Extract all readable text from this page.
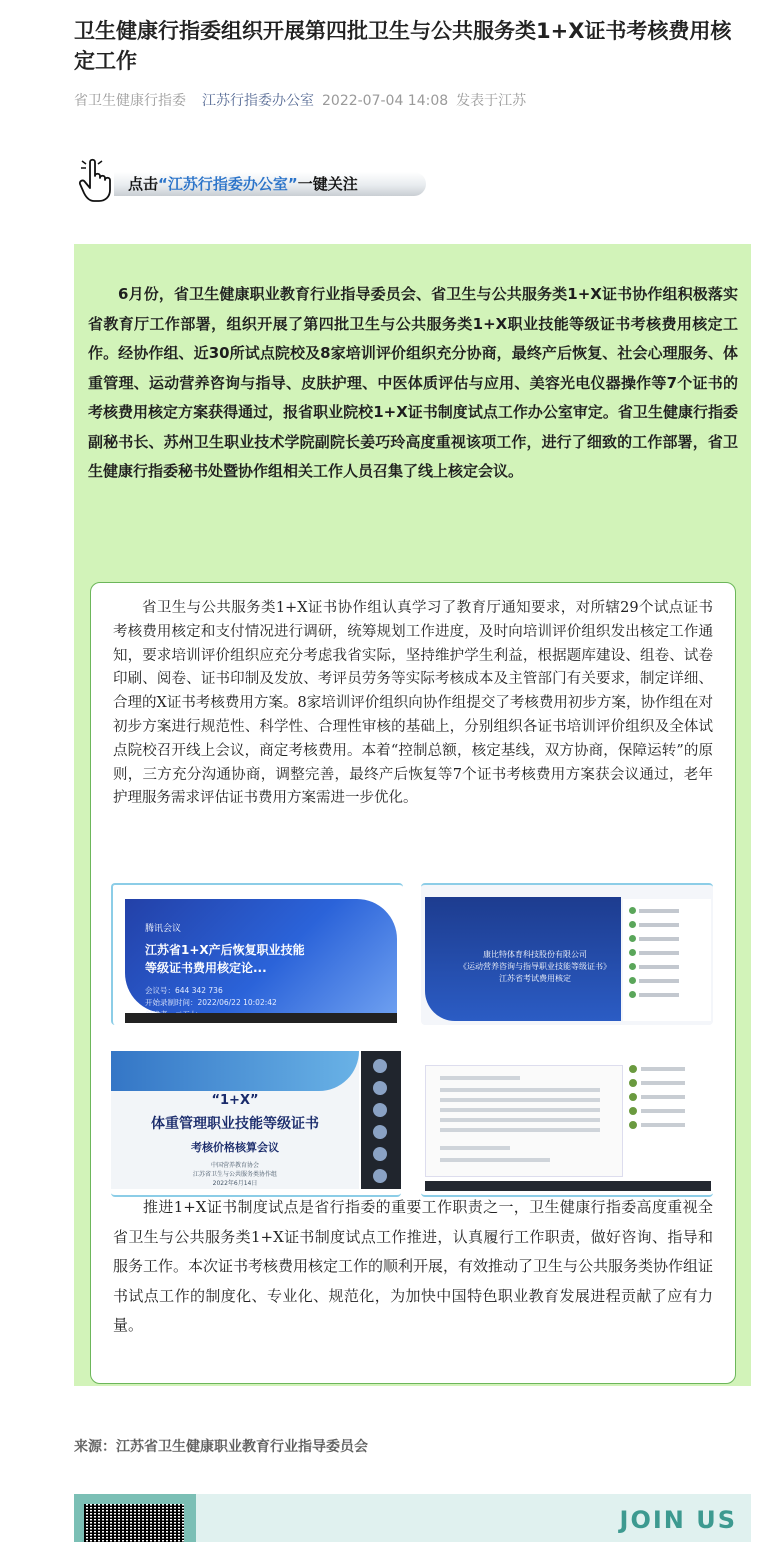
卫生健康行指委组织开展第四批卫生与公共服务类1+X证书考核费用核定工作
省卫生健康行指委 江苏行指委办公室 2022-07-04 14:08 发表于江苏
点击“江苏行指委办公室”一键关注

6月份，省卫生健康职业教育行业指导委员会、省卫生与公共服务类1+X证书协作组积极落实省教育厅工作部署，组织开展了第四批卫生与公共服务类1+X职业技能等级证书考核费用核定工作。经协作组、近30所试点院校及8家培训评价组织充分协商，最终产后恢复、社会心理服务、体重管理、运动营养咨询与指导、皮肤护理、中医体质评估与应用、美容光电仪器操作等7个证书的考核费用核定方案获得通过，报省职业院校1+X证书制度试点工作办公室审定。省卫生健康行指委副秘书长、苏州卫生职业技术学院副院长姜巧玲高度重视该项工作，进行了细致的工作部署，省卫生健康行指委秘书处暨协作组相关工作人员召集了线上核定会议。

省卫生与公共服务类1+X证书协作组认真学习了教育厅通知要求，对所辖29个试点证书考核费用核定和支付情况进行调研，统筹规划工作进度，及时向培训评价组织发出核定工作通知，要求培训评价组织应充分考虑我省实际，坚持维护学生利益，根据题库建设、组卷、试卷印刷、阅卷、证书印制及发放、考评员劳务等实际考核成本及主管部门有关要求，制定详细、合理的X证书考核费用方案。8家培训评价组织向协作组提交了考核费用初步方案，协作组在对初步方案进行规范性、科学性、合理性审核的基础上，分别组织各证书培训评价组织及全体试点院校召开线上会议，商定考核费用。本着“控制总额，核定基线，双方协商，保障运转”的原则，三方充分沟通协商，调整完善，最终产后恢复等7个证书考核费用方案获会议通过，老年护理服务需求评估证书费用方案需进一步优化。

腾讯会议
江苏省1+X产后恢复职业技能等级证书费用核定论...
会议号：644 342 736
开始录制时间：2022/06/22 10:02:42
康比特体育科技股份有限公司
《运动营养咨询与指导职业技能等级证书》
江苏省考试费用核定
“1+X”
体重管理职业技能等级证书
考核价格核算会议
中国营养教育协会
江苏省卫生与公共服务类协作组
2022年6月14日

推进1+X证书制度试点是省行指委的重要工作职责之一，卫生健康行指委高度重视全省卫生与公共服务类1+X证书制度试点工作推进，认真履行工作职责，做好咨询、指导和服务工作。本次证书考核费用核定工作的顺利开展，有效推动了卫生与公共服务类协作组证书试点工作的制度化、专业化、规范化，为加快中国特色职业教育发展进程贡献了应有力量。

来源：江苏省卫生健康职业教育行业指导委员会
JOIN US
